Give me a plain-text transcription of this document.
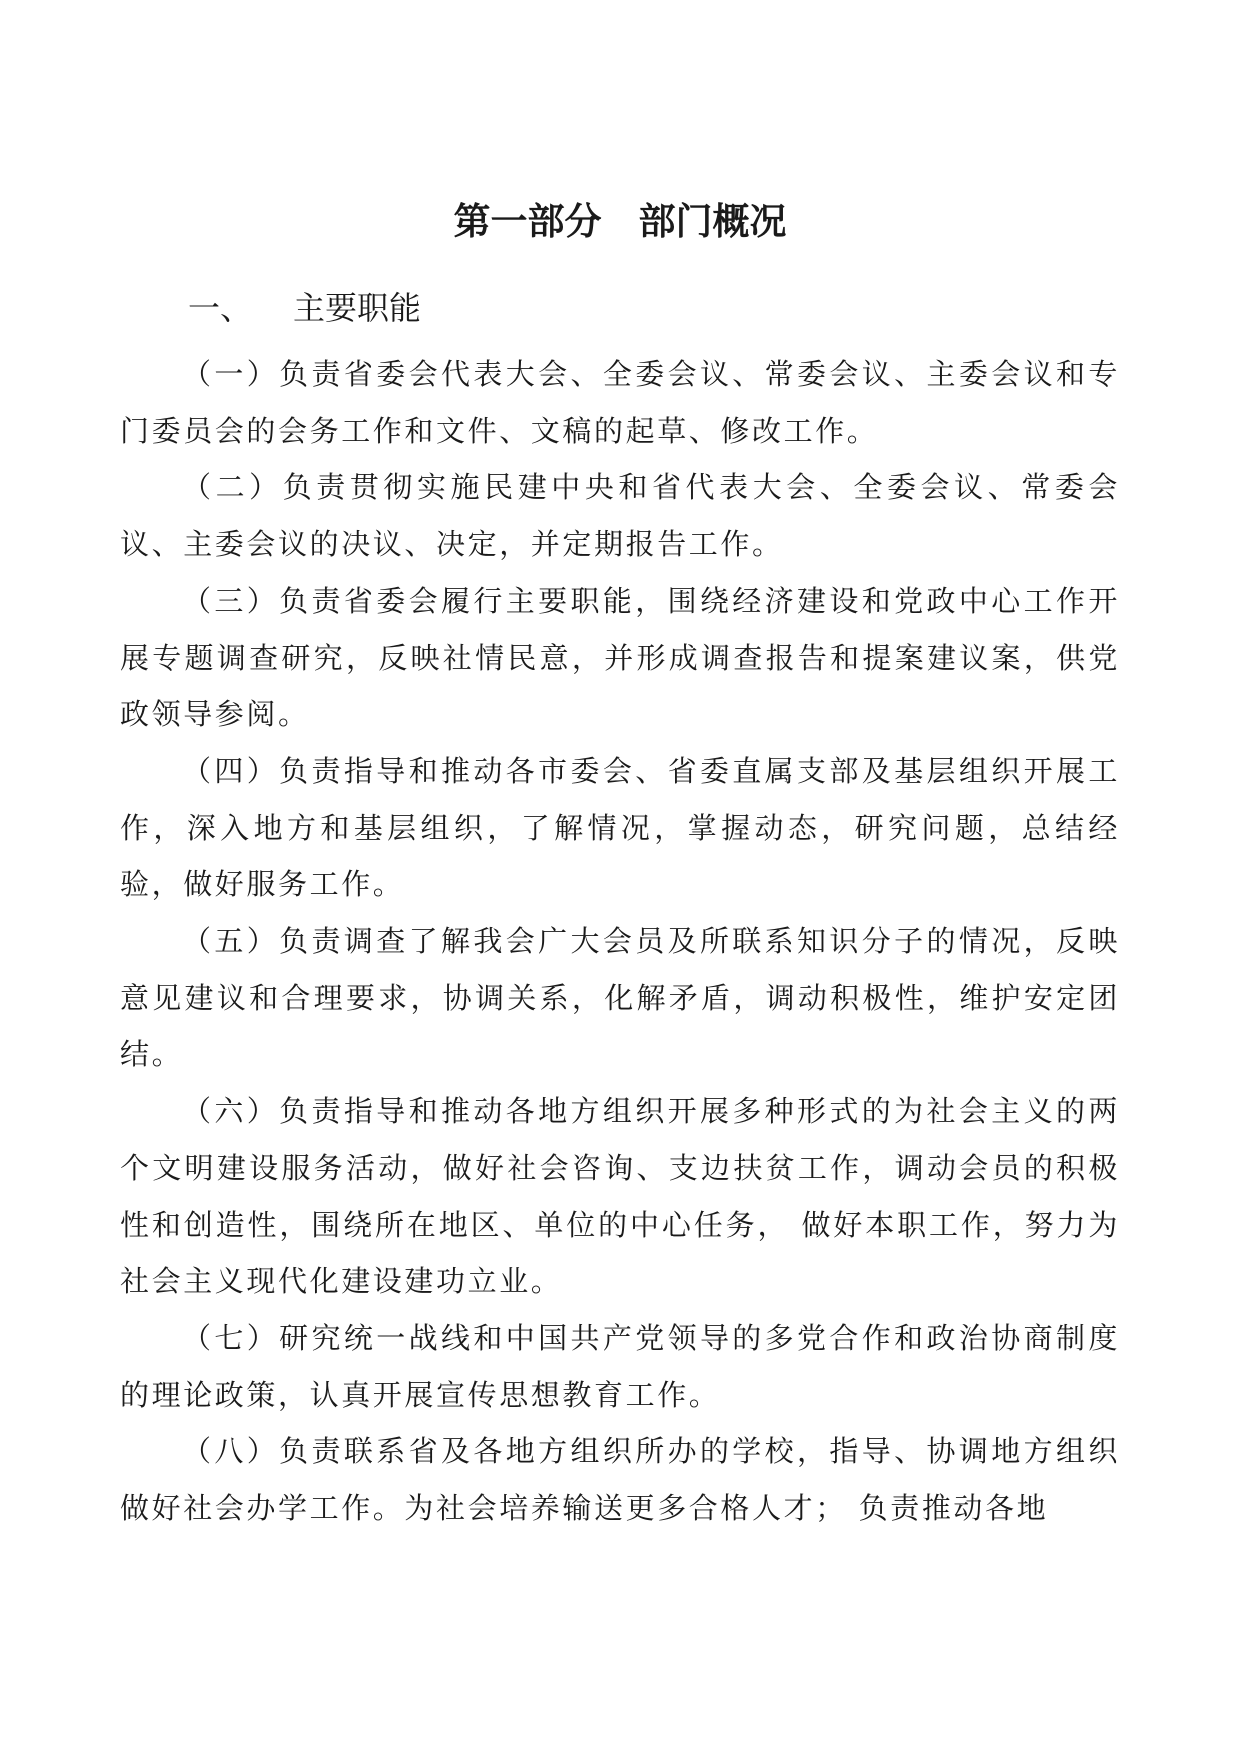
第一部分　部门概况
一、 主要职能

（一）负责省委会代表大会、全委会议、常委会议、主委会议和专门委员会的会务工作和文件、文稿的起草、修改工作。

（二）负责贯彻实施民建中央和省代表大会、全委会议、常委会议、主委会议的决议、决定，并定期报告工作。

（三）负责省委会履行主要职能，围绕经济建设和党政中心工作开展专题调查研究，反映社情民意，并形成调查报告和提案建议案，供党政领导参阅。

（四）负责指导和推动各市委会、省委直属支部及基层组织开展工作，深入地方和基层组织，了解情况，掌握动态，研究问题，总结经验，做好服务工作。

（五）负责调查了解我会广大会员及所联系知识分子的情况，反映意见建议和合理要求，协调关系，化解矛盾，调动积极性，维护安定团结。

（六）负责指导和推动各地方组织开展多种形式的为社会主义的两个文明建设服务活动，做好社会咨询、支边扶贫工作，调动会员的积极性和创造性，围绕所在地区、单位的中心任务， 做好本职工作，努力为社会主义现代化建设建功立业。

（七）研究统一战线和中国共产党领导的多党合作和政治协商制度的理论政策，认真开展宣传思想教育工作。

（八）负责联系省及各地方组织所办的学校，指导、协调地方组织做好社会办学工作。为社会培养输送更多合格人才； 负责推动各地
